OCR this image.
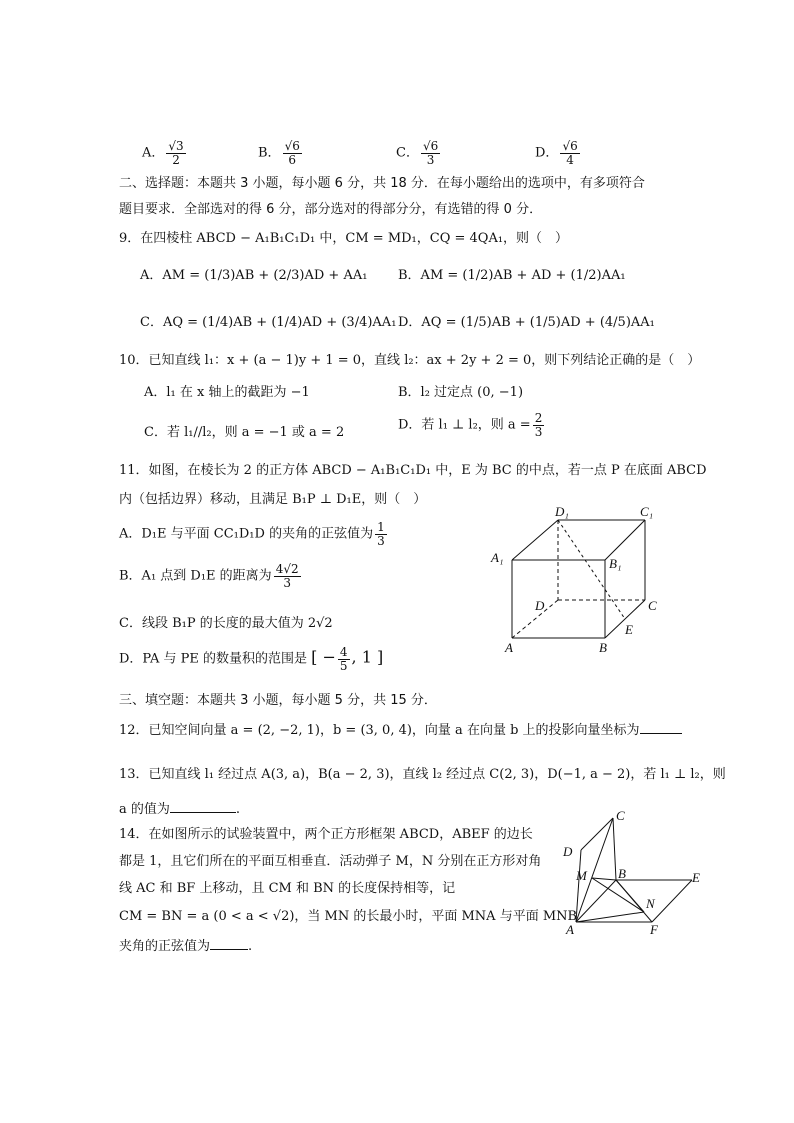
A． $\frac{√3}{2}$	B． $\frac{√6}{6}$	C． $\frac{√6}{3}$	D． $\frac{√6}{4}$
二、选择题：本题共 3 小题，每小题 6 分，共 18 分．在每小题给出的选项中，有多项符合
题目要求．全部选对的得 6 分，部分选对的得部分分，有选错的得 0 分．
9．在四棱柱 ABCD − A₁B₁C₁D₁ 中，CM = MD₁，CQ = 4QA₁，则（　）
A．AM = (1/3)AB + (2/3)AD + AA₁ B．AM = (1/2)AB + AD + (1/2)AA₁
C．AQ = (1/4)AB + (1/4)AD + (3/4)AA₁ D．AQ = (1/5)AB + (1/5)AD + (4/5)AA₁
10．已知直线 l₁：x + (a − 1)y + 1 = 0，直线 l₂：ax + 2y + 2 = 0，则下列结论正确的是（　）
A．l₁ 在 x 轴上的截距为 −1	B．l₂ 过定点 (0, −1)
C．若 l₁//l₂，则 a = −1 或 a = 2	D．若 l₁ ⊥ l₂，则 $a = \frac{2}{3}$
11．如图，在棱长为 2 的正方体 ABCD − A₁B₁C₁D₁ 中，E 为 BC 的中点，若一点 P 在底面 ABCD
内（包括边界）移动，且满足 B₁P ⊥ D₁E，则（　）
A．D₁E 与平面 CC₁D₁D 的夹角的正弦值为 $\frac{1}{3}$
B．A₁ 点到 D₁E 的距离为 $\frac{4√2}{3}$
C．线段 B₁P 的长度的最大值为 2√2
D．PA 与 PE 的数量积的范围是 [ − $\frac{4}{5}$ , 1 ]
D₁	C₁
A₁	B₁
D	C
E
A	B
三、填空题：本题共 3 小题，每小题 5 分，共 15 分．
12．已知空间向量 a = (2, −2, 1)，b = (3, 0, 4)，向量 a 在向量 b 上的投影向量坐标为
13．已知直线 l₁ 经过点 A(3, a)，B(a − 2, 3)，直线 l₂ 经过点 C(2, 3)，D(−1, a − 2)，若 l₁ ⊥ l₂，则
a 的值为	.
14．在如图所示的试验装置中，两个正方形框架 ABCD，ABEF 的边长
都是 1，且它们所在的平面互相垂直．活动弹子 M，N 分别在正方形对角
线 AC 和 BF 上移动，且 CM 和 BN 的长度保持相等，记
CM = BN = a (0 < a < √2)，当 MN 的长最小时，平面 MNA 与平面 MNB
夹角的正弦值为	.
C
D
M B	E
N
A	F
